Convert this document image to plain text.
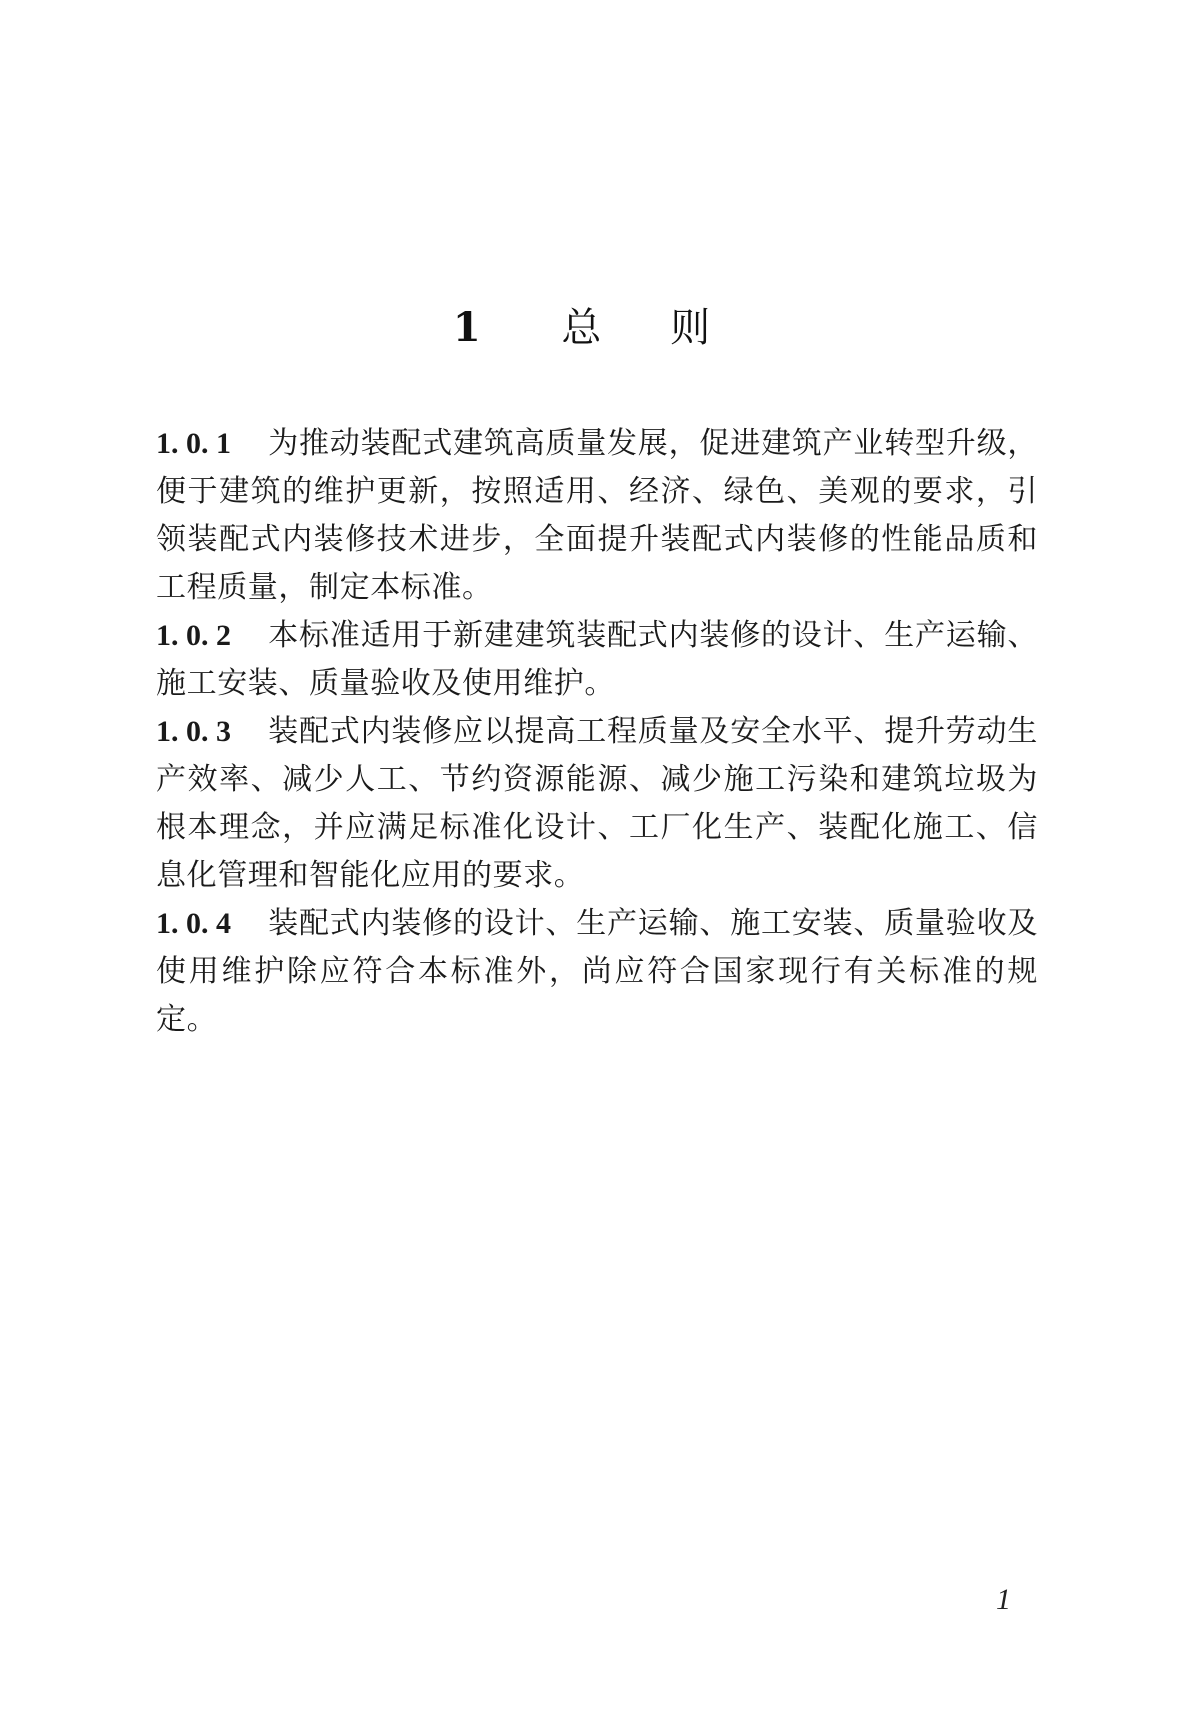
1 总 则

1. 0. 1 为推动装配式建筑高质量发展，促进建筑产业转型升级，便于建筑的维护更新，按照适用、经济、绿色、美观的要求，引领装配式内装修技术进步，全面提升装配式内装修的性能品质和工程质量，制定本标准。

1. 0. 2 本标准适用于新建建筑装配式内装修的设计、生产运输、施工安装、质量验收及使用维护。

1. 0. 3 装配式内装修应以提高工程质量及安全水平、提升劳动生产效率、减少人工、节约资源能源、减少施工污染和建筑垃圾为根本理念，并应满足标准化设计、工厂化生产、装配化施工、信息化管理和智能化应用的要求。

1. 0. 4 装配式内装修的设计、生产运输、施工安装、质量验收及使用维护除应符合本标准外，尚应符合国家现行有关标准的规定。

1
